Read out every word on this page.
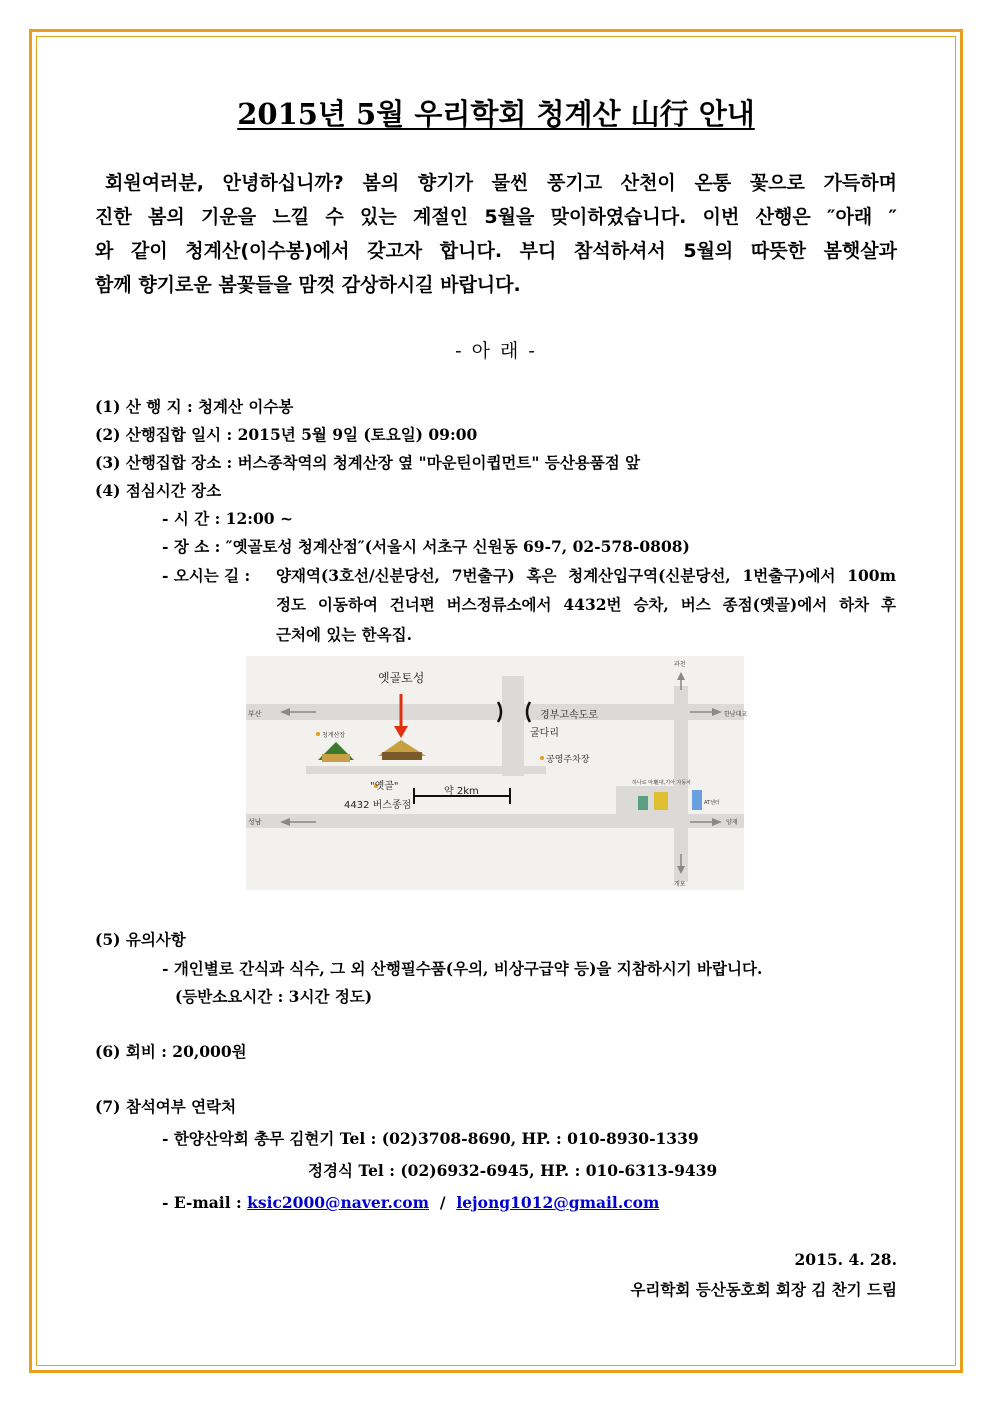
2015년 5월 우리학회 청계산 山行 안내
회원여러분, 안녕하십니까? 봄의 향기가 물씬 풍기고 산천이 온통 꽃으로 가득하며
진한 봄의 기운을 느낄 수 있는 계절인 5월을 맞이하였습니다. 이번 산행은 ″아래 ″
와 같이 청계산(이수봉)에서 갖고자 합니다. 부디 참석하셔서 5월의 따뜻한 봄햇살과
함께 향기로운 봄꽃들을 맘껏 감상하시길 바랍니다.
- 아 래 -
(1) 산 행 지 : 청계산 이수봉
(2) 산행집합 일시 : 2015년 5월 9일 (토요일) 09:00
(3) 산행집합 장소 : 버스종착역의 청계산장 옆 "마운틴이큅먼트" 등산용품점 앞
(4) 점심시간 장소
- 시 간 : 12:00 ~
- 장 소 : ″옛골토성 청계산점″(서울시 서초구 신원동 69-7, 02-578-0808)
- 오시는 길 : 양재역(3호선/신분당선, 7번출구) 혹은 청계산입구역(신분당선, 1번출구)에서 100m
정도 이동하여 건너편 버스정류소에서 4432번 승차, 버스 종점(옛골)에서 하차 후
근처에 있는 한옥집.
옛골토성
부산	한남대교
과천
개포
성남	양재
경부고속도로
굴다리
공영주차장
청계산장
"옛골"
4432 버스종점
약 2km
하나로 마트
현대,기아 자동차
AT센터
(5) 유의사항
- 개인별로 간식과 식수, 그 외 산행필수품(우의, 비상구급약 등)을 지참하시기 바랍니다.
(등반소요시간 : 3시간 정도)
(6) 회비 : 20,000원
(7) 참석여부 연락처
- 한양산악회 총무 김현기 Tel : (02)3708-8690, HP. : 010-8930-1339
정경식 Tel : (02)6932-6945, HP. : 010-6313-9439
- E-mail : ksic2000@naver.com / lejong1012@gmail.com
2015. 4. 28.
우리학회 등산동호회 회장 김 찬기 드림
